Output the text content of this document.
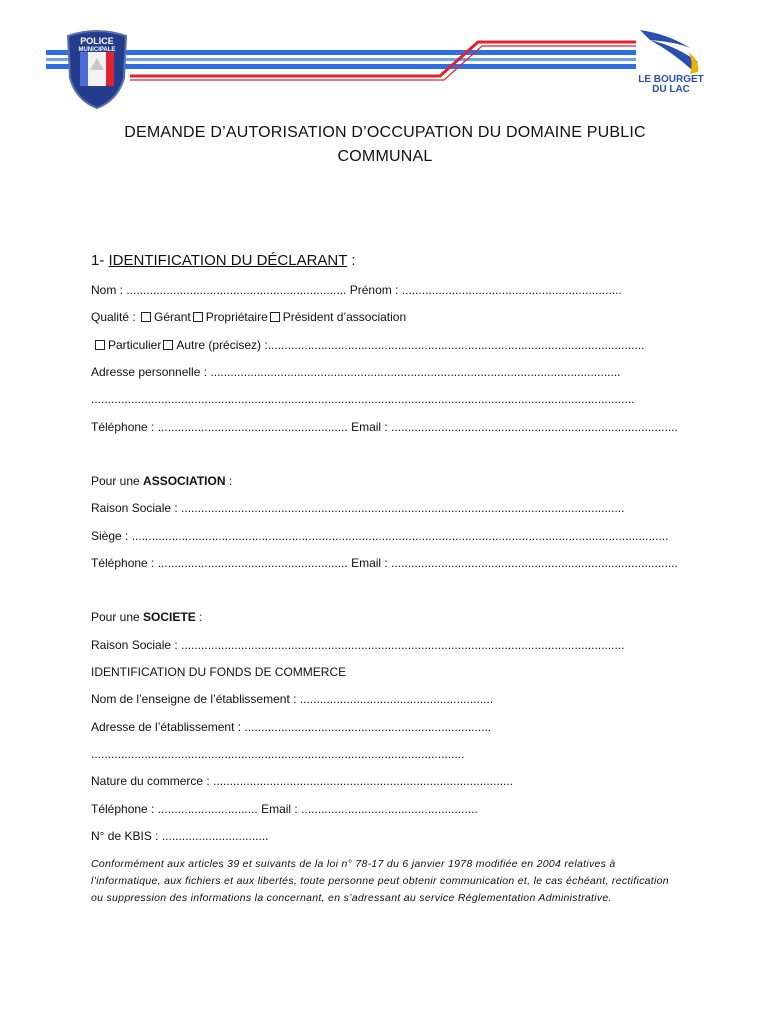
POLICE
MUNICIPALE
LE BOURGET
DU LAC
DEMANDE D’AUTORISATION D’OCCUPATION DU DOMAINE PUBLIC
COMMUNAL
1- IDENTIFICATION DU DÉCLARANT :
Nom : .................................................................. Prénom : ..................................................................
Qualité : Gérant Propriétaire Président d’association
Particulier Autre (précisez) :.................................................................................................................
Adresse personnelle : ...........................................................................................................................
...................................................................................................................................................................
Téléphone : ......................................................... Email : ......................................................................................
Pour une ASSOCIATION :
Raison Sociale : .....................................................................................................................................
Siège : .................................................................................................................................................................
Téléphone : ......................................................... Email : ......................................................................................
Pour une SOCIETE :
Raison Sociale : .....................................................................................................................................
IDENTIFICATION DU FONDS DE COMMERCE
Nom de l’enseigne de l’établissement : ..........................................................
Adresse de l’établissement : ..........................................................................
................................................................................................................
Nature du commerce : ..........................................................................................
Téléphone : .............................. Email : .....................................................
N° de KBIS : ................................
Conformément aux articles 39 et suivants de la loi n° 78-17 du 6 janvier 1978 modifiée en 2004 relatives à l’informatique, aux fichiers et aux libertés, toute personne peut obtenir communication et, le cas échéant, rectification ou suppression des informations la concernant, en s’adressant au service Réglementation Administrative.
